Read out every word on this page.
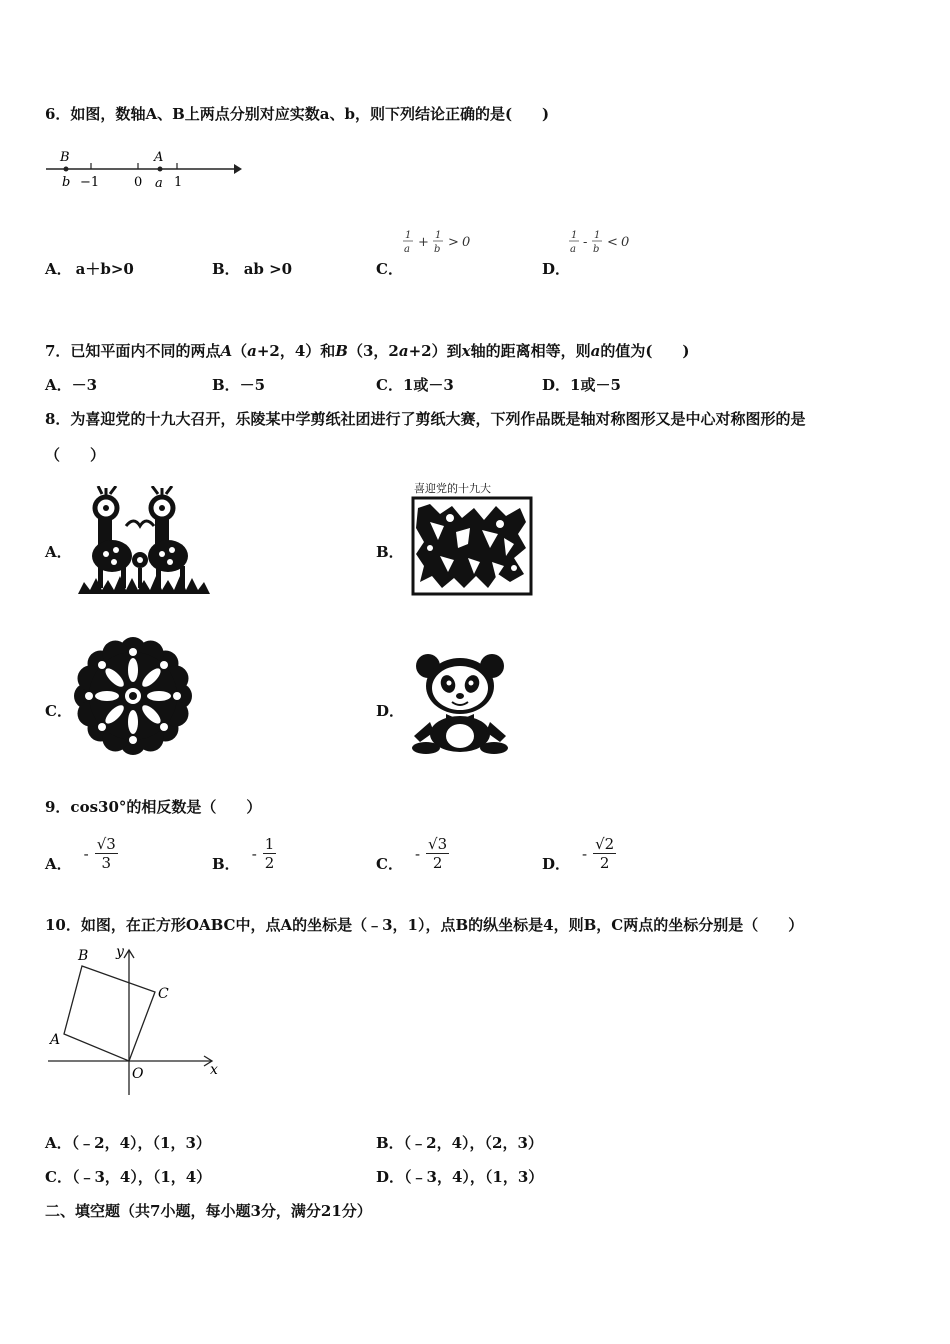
6．如图，数轴A、B上两点分别对应实数a、b，则下列结论正确的是(　　)
B	A
b −1	0 a 1
A． a＋b>0	B． ab >0	C．
1
a + 1
b > 0
D．
1
a - 1
b < 0
7．已知平面内不同的两点A（a+2，4）和B（3，2a+2）到x轴的距离相等，则a的值为(　　)
A．－3	B．－5	C．1或－3	D．1或－5
8．为喜迎党的十九大召开，乐陵某中学剪纸社团进行了剪纸大赛，下列作品既是轴对称图形又是中心对称图形的是
（　　）
A．	B．
喜迎党的十九大
C．	D．
9．cos30°的相反数是（　　）
A．
- $\frac{√3}{3}$	B．
- $\frac{1}{2}$	C．
- $\frac{√3}{2}$	D．
- $\frac{√2}{2}$
10．如图，在正方形OABC中，点A的坐标是（﹣3，1），点B的纵坐标是4，则B，C两点的坐标分别是（　　）
B
C
A
O	x
y
A．（﹣2，4），（1，3）	B．（﹣2，4），（2，3）
C．（﹣3，4），（1，4）	D．（﹣3，4），（1，3）
二、填空题（共7小题，每小题3分，满分21分）
